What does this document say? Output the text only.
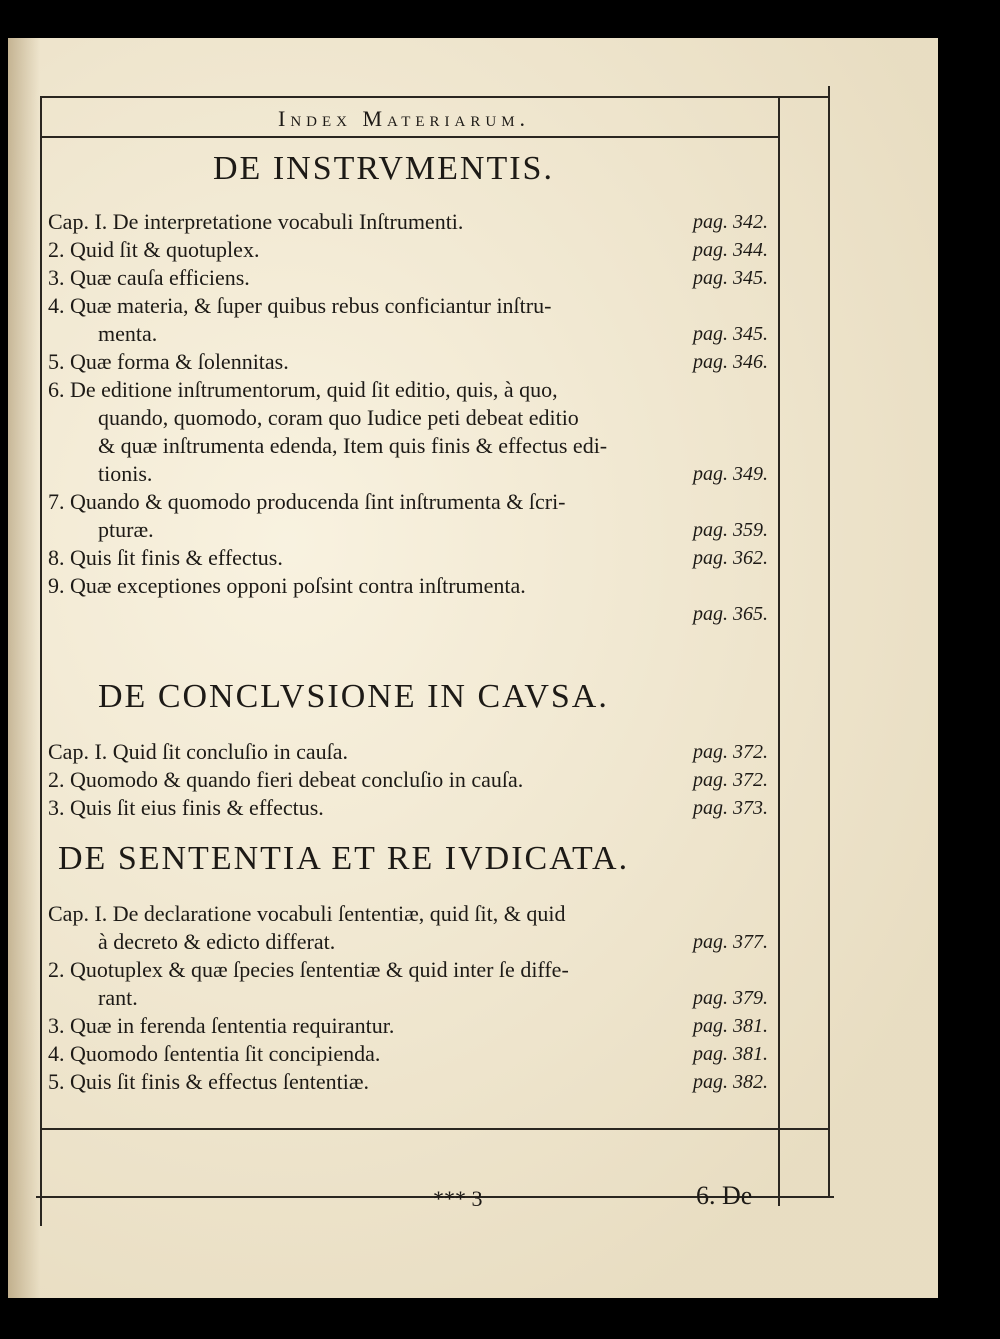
Index Materiarum.
DE INSTRVMENTIS.
Cap. I. De interpretatione vocabuli Inſtrumenti.	pag. 342.
2. Quid ſit & quotuplex.	pag. 344.
3. Quæ cauſa efficiens.	pag. 345.
4. Quæ materia, & ſuper quibus rebus conficiantur inſtru-
menta.	pag. 345.
5. Quæ forma & ſolennitas.	pag. 346.
6. De editione inſtrumentorum, quid ſit editio, quis, à quo,
quando, quomodo, coram quo Iudice peti debeat editio
& quæ inſtrumenta edenda, Item quis finis & effectus edi-
tionis.	pag. 349.
7. Quando & quomodo producenda ſint inſtrumenta & ſcri-
pturæ.	pag. 359.
8. Quis ſit finis & effectus.	pag. 362.
9. Quæ exceptiones opponi poſsint contra inſtrumenta.
pag. 365.
DE CONCLVSIONE IN CAVSA.
Cap. I. Quid ſit concluſio in cauſa.	pag. 372.
2. Quomodo & quando fieri debeat concluſio in cauſa.	pag. 372.
3. Quis ſit eius finis & effectus.	pag. 373.
DE SENTENTIA ET RE IVDICATA.
Cap. I. De declaratione vocabuli ſententiæ, quid ſit, & quid
à decreto & edicto differat.	pag. 377.
2. Quotuplex & quæ ſpecies ſententiæ & quid inter ſe diffe-
rant.	pag. 379.
3. Quæ in ferenda ſententia requirantur.	pag. 381.
4. Quomodo ſententia ſit concipienda.	pag. 381.
5. Quis ſit finis & effectus ſententiæ.	pag. 382.
*** 3	6. De
